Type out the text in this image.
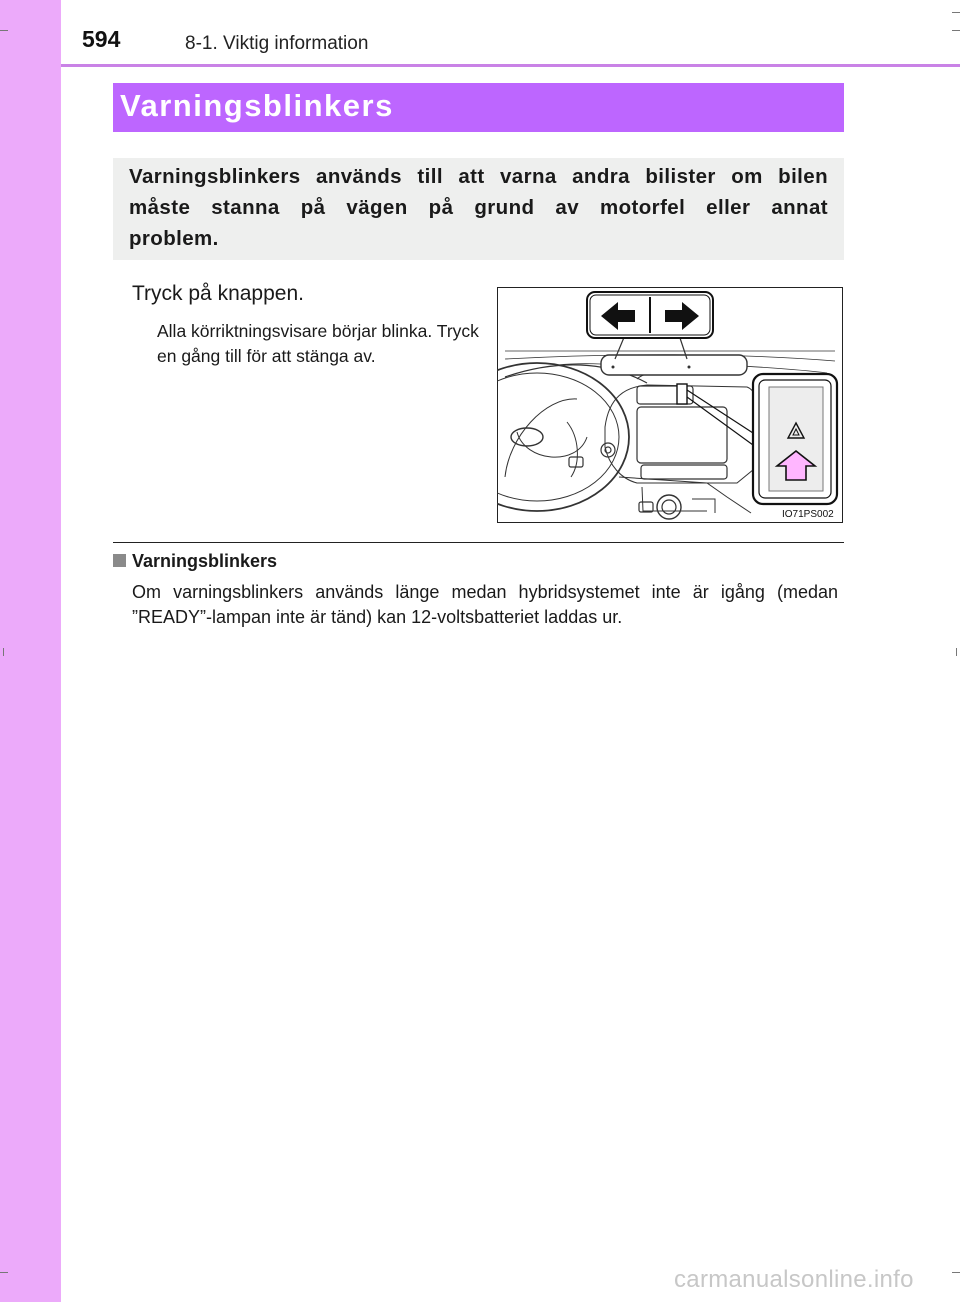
594	8-1. Viktig information
Varningsblinkers
Varningsblinkers används till att varna andra bilister om bilen måste stanna på vägen på grund av motorfel eller annat problem.
Tryck på knappen.
Alla körriktningsvisare börjar blinka. Tryck en gång till för att stänga av.
IO71PS002
Varningsblinkers
Om varningsblinkers används länge medan hybridsystemet inte är igång (medan ”READY”-lampan inte är tänd) kan 12-voltsbatteriet laddas ur.
carmanualsonline.info
